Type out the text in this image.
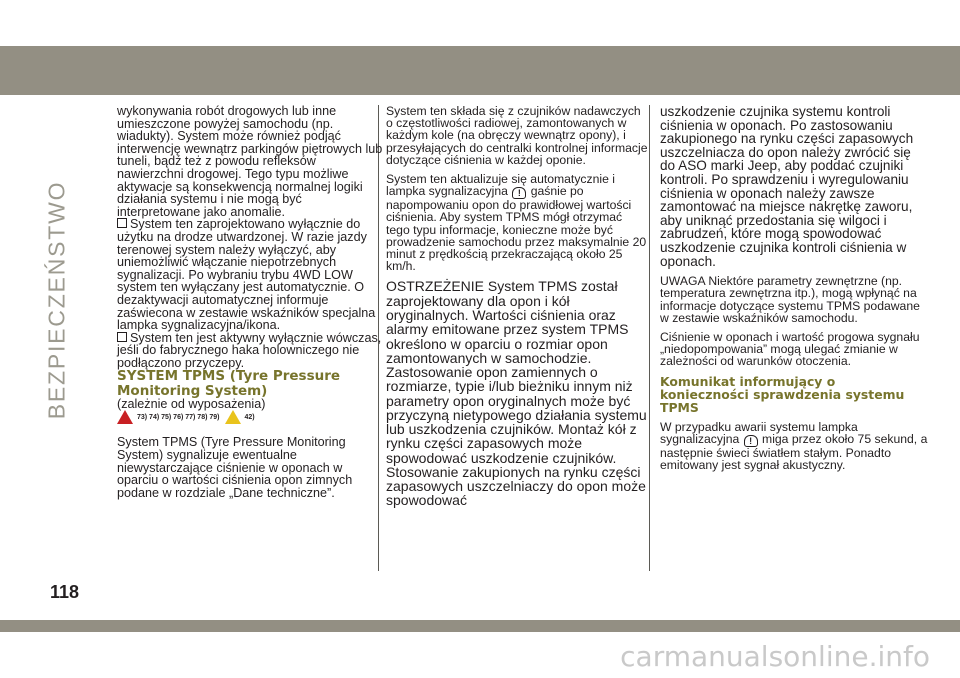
BEZPIECZEŃSTWO

wykonywania robót drogowych lub inne umieszczone powyżej samochodu (np. wiadukty). System może również podjąć interwencję wewnątrz parkingów piętrowych lub tuneli, bądź też z powodu refleksów nawierzchni drogowej. Tego typu możliwe aktywacje są konsekwencją normalnej logiki działania systemu i nie mogą być interpretowane jako anomalie.

System ten zaprojektowano wyłącznie do użytku na drodze utwardzonej. W razie jazdy terenowej system należy wyłączyć, aby uniemożliwić włączanie niepotrzebnych sygnalizacji. Po wybraniu trybu 4WD LOW system ten wyłączany jest automatycznie. O dezaktywacji automatycznej informuje zaświecona w zestawie wskaźników specjalna lampka sygnalizacyjna/ikona.

System ten jest aktywny wyłącznie wówczas, jeśli do fabrycznego haka holowniczego nie podłączono przyczepy.

SYSTEM TPMS (Tyre Pressure Monitoring System)

(zależnie od wyposażenia)

73) 74) 75) 76) 77) 78) 79)	42)

System TPMS (Tyre Pressure Monitoring System) sygnalizuje ewentualne niewystarczające ciśnienie w oponach w oparciu o wartości ciśnienia opon zimnych podane w rozdziale „Dane techniczne”.

System ten składa się z czujników nadawczych o częstotliwości radiowej, zamontowanych w każdym kole (na obręczy wewnątrz opony), i przesyłających do centralki kontrolnej informacje dotyczące ciśnienia w każdej oponie.

System ten aktualizuje się automatycznie i lampka sygnalizacyjna ! gaśnie po napompowaniu opon do prawidłowej wartości ciśnienia. Aby system TPMS mógł otrzymać tego typu informacje, konieczne może być prowadzenie samochodu przez maksymalnie 20 minut z prędkością przekraczającą około 25 km/h.

OSTRZEŻENIE System TPMS został zaprojektowany dla opon i kół oryginalnych. Wartości ciśnienia oraz alarmy emitowane przez system TPMS określono w oparciu o rozmiar opon zamontowanych w samochodzie. Zastosowanie opon zamiennych o rozmiarze, typie i/lub bieżniku innym niż parametry opon oryginalnych może być przyczyną nietypowego działania systemu lub uszkodzenia czujników. Montaż kół z rynku części zapasowych może spowodować uszkodzenie czujników. Stosowanie zakupionych na rynku części zapasowych uszczelniaczy do opon może spowodować

uszkodzenie czujnika systemu kontroli ciśnienia w oponach. Po zastosowaniu zakupionego na rynku części zapasowych uszczelniacza do opon należy zwrócić się do ASO marki Jeep, aby poddać czujniki kontroli. Po sprawdzeniu i wyregulowaniu ciśnienia w oponach należy zawsze zamontować na miejsce nakrętkę zaworu, aby uniknąć przedostania się wilgoci i zabrudzeń, które mogą spowodować uszkodzenie czujnika kontroli ciśnienia w oponach.

UWAGA Niektóre parametry zewnętrzne (np. temperatura zewnętrzna itp.), mogą wpłynąć na informacje dotyczące systemu TPMS podawane w zestawie wskaźników samochodu.

Ciśnienie w oponach i wartość progowa sygnału „niedopompowania” mogą ulegać zmianie w zależności od warunków otoczenia.

Komunikat informujący o konieczności sprawdzenia systemu TPMS

W przypadku awarii systemu lampka sygnalizacyjna ! miga przez około 75 sekund, a następnie świeci światłem stałym. Ponadto emitowany jest sygnał akustyczny.

118
carmanualsonline.info
